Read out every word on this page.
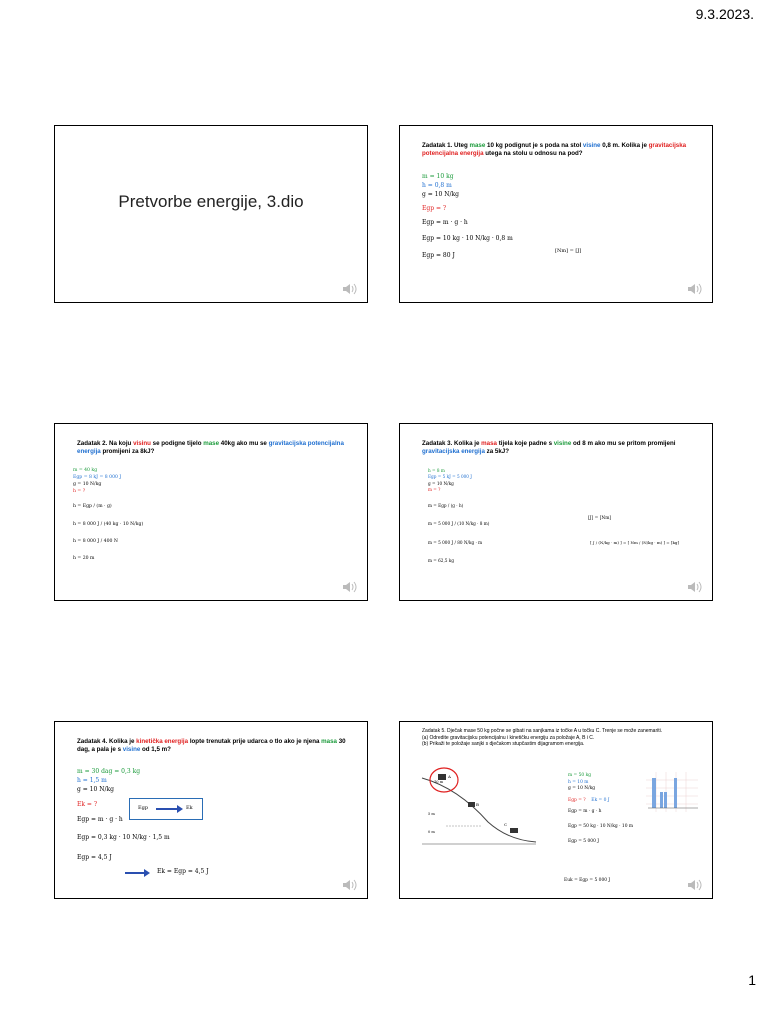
9.3.2023.
Pretvorbe energije, 3.dio
Zadatak 1. Uteg mase 10 kg podignut je s poda na stol visine 0,8 m. Kolika je gravitacijska potencijalna energija utega na stolu u odnosu na pod?
m = 10 kg
h = 0,8 m
g = 10 N/kg
Egp = ?
Egp = m · g · h
Egp = 10 kg · 10 N/kg · 0,8 m
Egp = 80 J
[Nm] = [J]
Zadatak 2. Na koju visinu se podigne tijelo mase 40kg ako mu se gravitacijska potencijalna energija promijeni za 8kJ?
m = 40 kg
Egp = 8 kJ = 8 000 J
g = 10 N/kg
h = ?
h = Egp / (m · g)
h = 8 000 J / (40 kg · 10 N/kg)
h = 8 000 J / 400 N
h = 20 m
Zadatak 3. Kolika je masa tijela koje padne s visine od 8 m ako mu se pritom promijeni gravitacijska energija za 5kJ?
h = 8 m
Egp = 5 kJ = 5 000 J
g = 10 N/kg
m = ?
m = Egp / (g · h)
m = 5 000 J / (10 N/kg · 8 m)
m = 5 000 J / 80 N/kg · m
m = 62,5 kg
[J] = [Nm]
[ J / (N/kg · m) ] = [ Nm / (N/kg · m) ] = [kg]
Zadatak 4. Kolika je kinetička energija lopte trenutak prije udarca o tlo ako je njena masa 30 dag, a pala je s visine od 1,5 m?
m = 30 dag = 0,3 kg
h = 1,5 m
g = 10 N/kg
Ek = ?
Egp = m · g · h
Egp = 0,3 kg · 10 N/kg · 1,5 m
Egp = 4,5 J
Egp	Ek
Ek = Egp = 4,5 J
Zadatak 5. Dječak mase 50 kg počne se gibati na sanjkama iz točke A u točku C. Trenje se može zanemariti.
(a) Odredite gravitacijsku potencijalnu i kinetičku energiju za položaje A, B i C.
(b) Prikaži te položaje sanjki s dječakom stupčastim dijagramom energija.
5 m
0 m
10 m
A
B
C
m = 50 kg
h = 10 m
g = 10 N/kg
Egp = ? Ek = 0 J
Egp = m · g · h
Egp = 50 kg · 10 N/kg · 10 m
Egp = 5 000 J
Euk = Egp = 5 000 J
1
